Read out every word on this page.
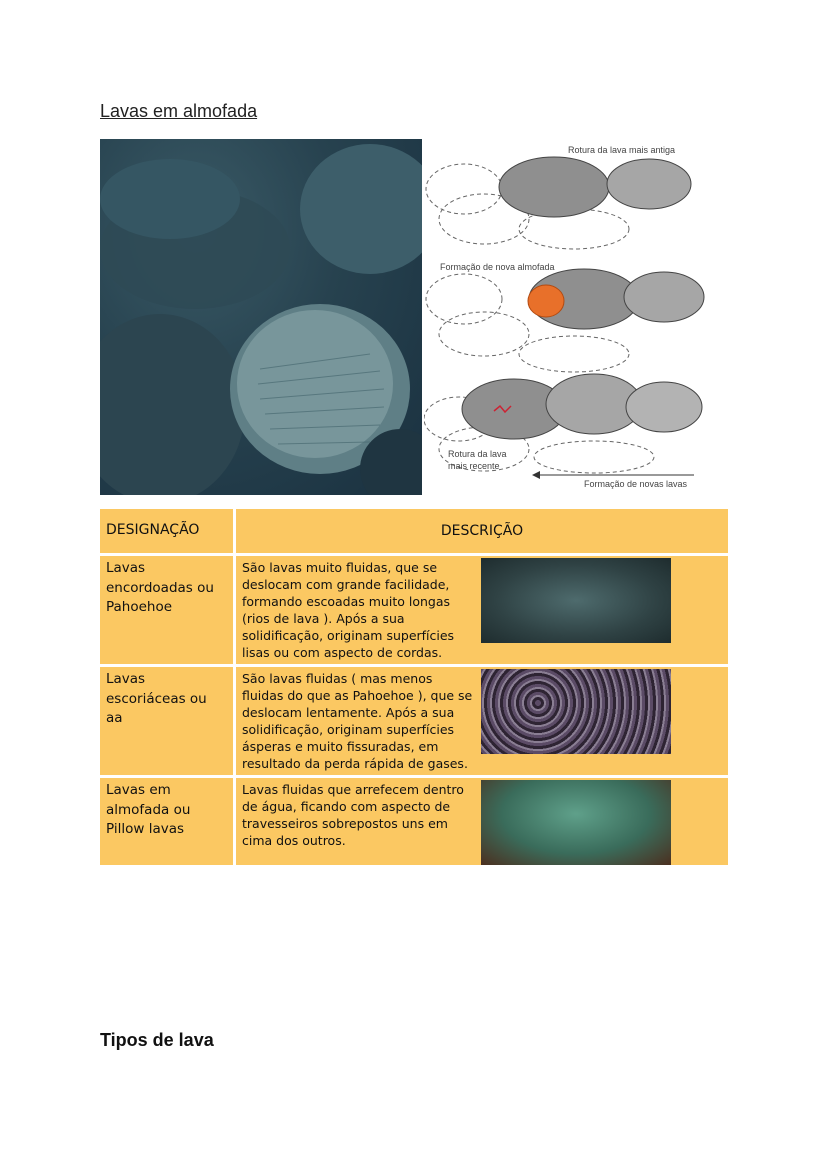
Lavas em almofada
Rotura da lava mais antiga
Formação de nova almofada
Rotura da lava
mais recente
Formação de novas lavas
DESIGNAÇÃO	DESCRIÇÃO	
Lavas encordoadas ou Pahoehoe	São lavas muito fluidas, que se deslocam com grande facilidade, formando escoadas muito longas (rios de lava ). Após a sua solidificação, originam superfícies lisas ou com aspecto de cordas.	

Lavas escoriáceas ou aa	São lavas fluidas ( mas menos fluidas do que as Pahoehoe ), que se deslocam lentamente. Após a sua solidificação, originam superfícies ásperas e muito fissuradas, em resultado da perda rápida de gases.	

Lavas em almofada ou Pillow lavas	Lavas fluidas que arrefecem dentro de água, ficando com aspecto de travesseiros sobrepostos uns em cima dos outros.	
Tipos de lava
